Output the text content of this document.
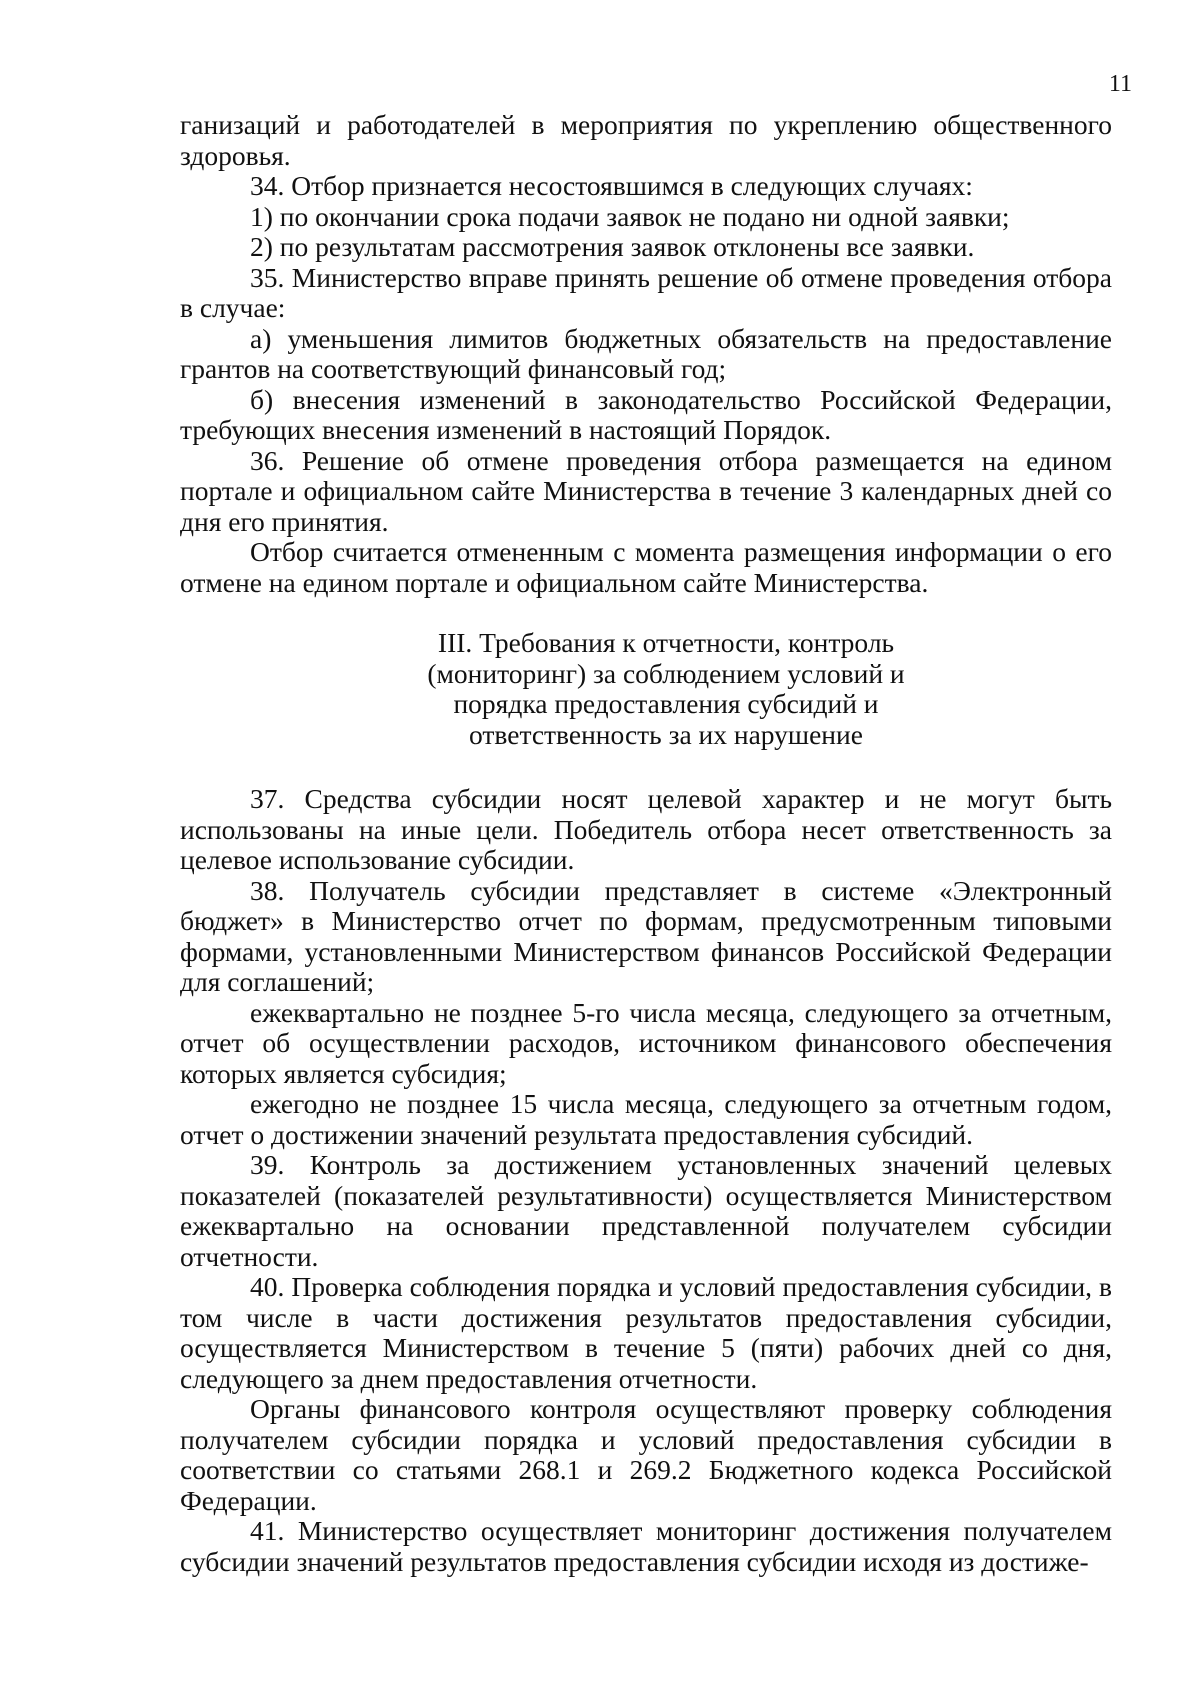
11

ганизаций и работодателей в мероприятия по укреплению общественного здоровья.

34. Отбор признается несостоявшимся в следующих случаях:

1) по окончании срока подачи заявок не подано ни одной заявки;

2) по результатам рассмотрения заявок отклонены все заявки.

35. Министерство вправе принять решение об отмене проведения отбора в случае:

а) уменьшения лимитов бюджетных обязательств на предоставление грантов на соответствующий финансовый год;

б) внесения изменений в законодательство Российской Федерации, требующих внесения изменений в настоящий Порядок.

36. Решение об отмене проведения отбора размещается на едином портале и официальном сайте Министерства в течение 3 календарных дней со дня его принятия.

Отбор считается отмененным с момента размещения информации о его отмене на едином портале и официальном сайте Министерства.

III. Требования к отчетности, контроль
(мониторинг) за соблюдением условий и
порядка предоставления субсидий и
ответственность за их нарушение

37. Средства субсидии носят целевой характер и не могут быть использованы на иные цели. Победитель отбора несет ответственность за целевое использование субсидии.

38. Получатель субсидии представляет в системе «Электронный бюджет» в Министерство отчет по формам, предусмотренным типовыми формами, установленными Министерством финансов Российской Федерации для соглашений;

ежеквартально не позднее 5-го числа месяца, следующего за отчетным, отчет об осуществлении расходов, источником финансового обеспечения которых является субсидия;

ежегодно не позднее 15 числа месяца, следующего за отчетным годом, отчет о достижении значений результата предоставления субсидий.

39. Контроль за достижением установленных значений целевых показателей (показателей результативности) осуществляется Министерством ежеквартально на основании представленной получателем субсидии отчетности.

40. Проверка соблюдения порядка и условий предоставления субсидии, в том числе в части достижения результатов предоставления субсидии, осуществляется Министерством в течение 5 (пяти) рабочих дней со дня, следующего за днем предоставления отчетности.

Органы финансового контроля осуществляют проверку соблюдения получателем субсидии порядка и условий предоставления субсидии в соответствии со статьями 268.1 и 269.2 Бюджетного кодекса Российской Федерации.

41. Министерство осуществляет мониторинг достижения получателем субсидии значений результатов предоставления субсидии исходя из достиже-
